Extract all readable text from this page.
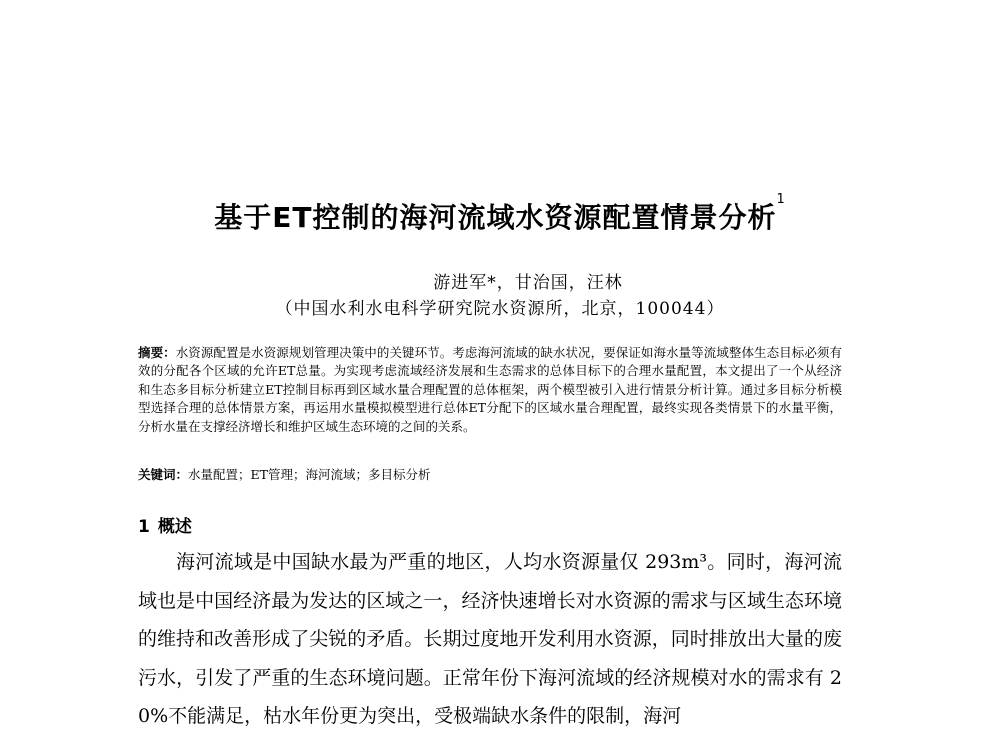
基于ET控制的海河流域水资源配置情景分析$^1$
游进军*，甘治国，汪林
（中国水利水电科学研究院水资源所，北京，100044）
摘要：水资源配置是水资源规划管理决策中的关键环节。考虑海河流域的缺水状况，要保证如海水量等流域整体生态目标必须有效的分配各个区域的允许ET总量。为实现考虑流域经济发展和生态需求的总体目标下的合理水量配置，本文提出了一个从经济和生态多目标分析建立ET控制目标再到区域水量合理配置的总体框架，两个模型被引入进行情景分析计算。通过多目标分析模型选择合理的总体情景方案，再运用水量模拟模型进行总体ET分配下的区域水量合理配置，最终实现各类情景下的水量平衡，分析水量在支撑经济增长和维护区域生态环境的之间的关系。
关键词：水量配置；ET管理；海河流域；多目标分析
1 概述
海河流域是中国缺水最为严重的地区，人均水资源量仅 293m³。同时，海河流域也是中国经济最为发达的区域之一，经济快速增长对水资源的需求与区域生态环境的维持和改善形成了尖锐的矛盾。长期过度地开发利用水资源，同时排放出大量的废污水，引发了严重的生态环境问题。正常年份下海河流域的经济规模对水的需求有 20%不能满足，枯水年份更为突出，受极端缺水条件的限制，海河
